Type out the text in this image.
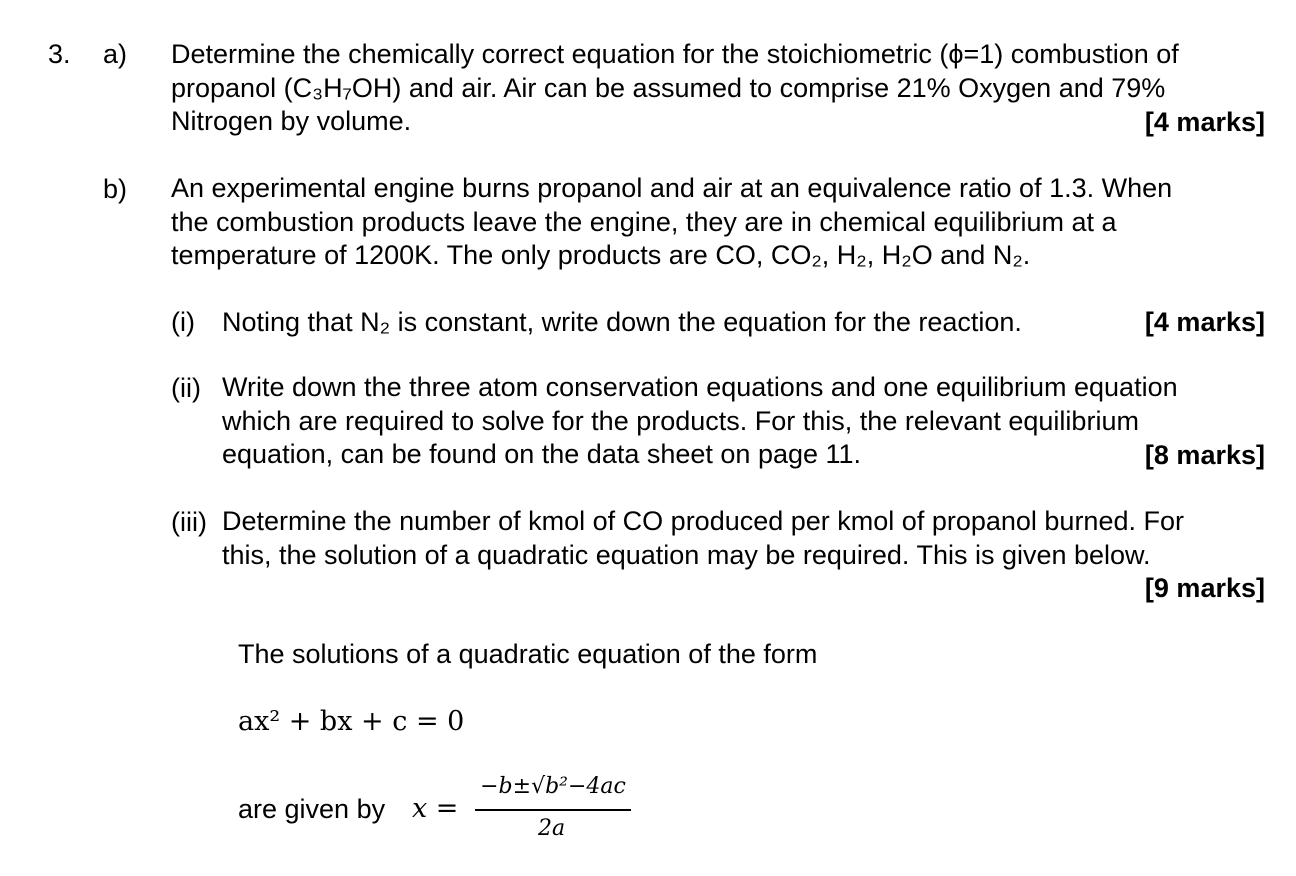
3. a) Determine the chemically correct equation for the stoichiometric (ϕ=1) combustion of
propanol (C₃H₇OH) and air. Air can be assumed to comprise 21% Oxygen and 79%
Nitrogen by volume.	[4 marks]
b) An experimental engine burns propanol and air at an equivalence ratio of 1.3. When
the combustion products leave the engine, they are in chemical equilibrium at a
temperature of 1200K. The only products are CO, CO₂, H₂, H₂O and N₂.
(i) Noting that N₂ is constant, write down the equation for the reaction.	[4 marks]
(ii) Write down the three atom conservation equations and one equilibrium equation
which are required to solve for the products. For this, the relevant equilibrium
equation, can be found on the data sheet on page 11.	[8 marks]
(iii) Determine the number of kmol of CO produced per kmol of propanol burned. For
this, the solution of a quadratic equation may be required. This is given below.
[9 marks]
The solutions of a quadratic equation of the form
ax² + bx + c = 0
are given by x =
−b±√b²−4ac
2a
